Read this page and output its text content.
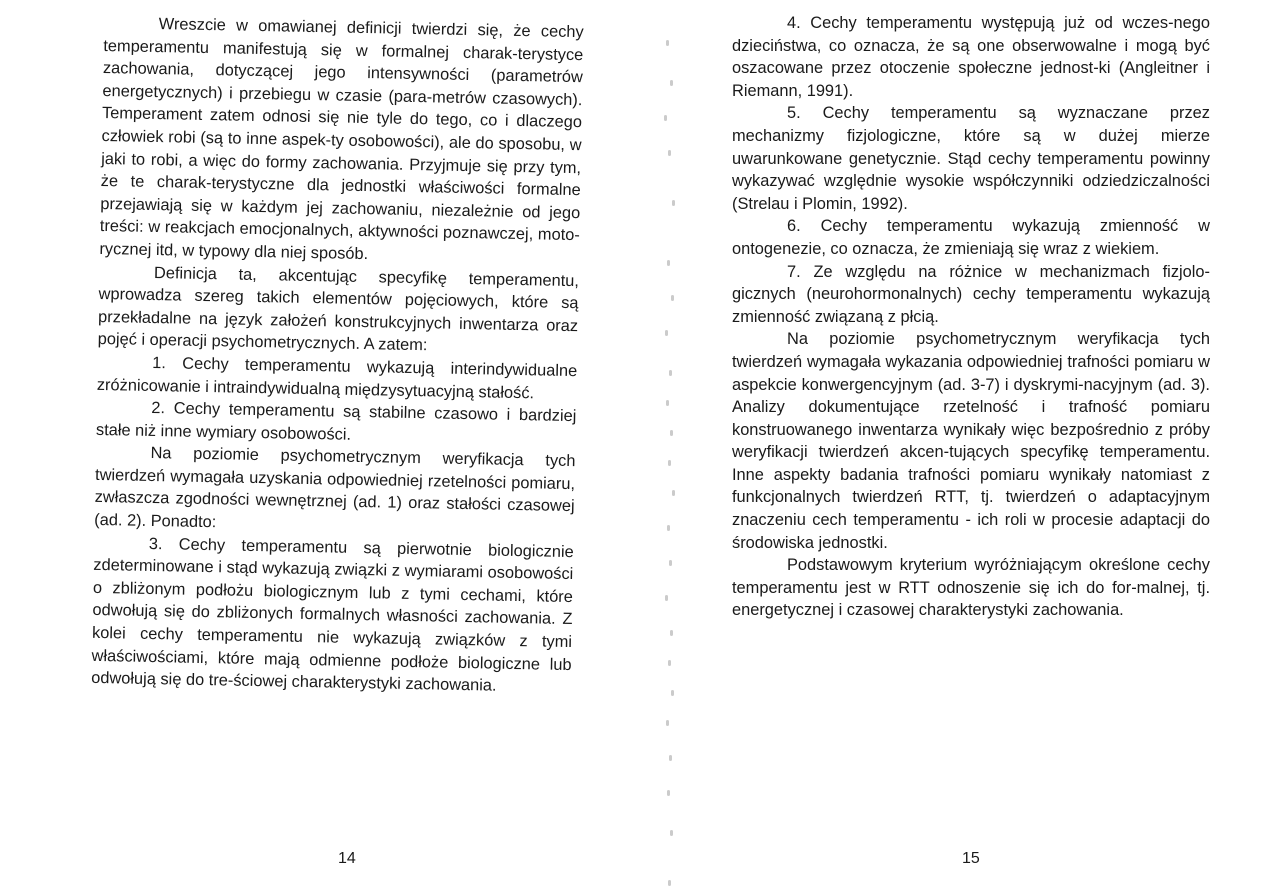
Wreszcie w omawianej definicji twierdzi się, że cechy temperamentu manifestują się w formalnej charak-terystyce zachowania, dotyczącej jego intensywności (parametrów energetycznych) i przebiegu w czasie (para-metrów czasowych). Temperament zatem odnosi się nie tyle do tego, co i dlaczego człowiek robi (są to inne aspek-ty osobowości), ale do sposobu, w jaki to robi, a więc do formy zachowania. Przyjmuje się przy tym, że te charak-terystyczne dla jednostki właściwości formalne przejawiają się w każdym jej zachowaniu, niezależnie od jego treści: w reakcjach emocjonalnych, aktywności poznawczej, moto-rycznej itd, w typowy dla niej sposób.

Definicja ta, akcentując specyfikę temperamentu, wprowadza szereg takich elementów pojęciowych, które są przekładalne na język założeń konstrukcyjnych inwentarza oraz pojęć i operacji psychometrycznych. A zatem:

1. Cechy temperamentu wykazują interindywidualne zróżnicowanie i intraindywidualną międzysytuacyjną stałość.

2. Cechy temperamentu są stabilne czasowo i bardziej stałe niż inne wymiary osobowości.

Na poziomie psychometrycznym weryfikacja tych twierdzeń wymagała uzyskania odpowiedniej rzetelności pomiaru, zwłaszcza zgodności wewnętrznej (ad. 1) oraz stałości czasowej (ad. 2). Ponadto:

3. Cechy temperamentu są pierwotnie biologicznie zdeterminowane i stąd wykazują związki z wymiarami osobowości o zbliżonym podłożu biologicznym lub z tymi cechami, które odwołują się do zbliżonych formalnych własności zachowania. Z kolei cechy temperamentu nie wykazują związków z tymi właściwościami, które mają odmienne podłoże biologiczne lub odwołują się do tre-ściowej charakterystyki zachowania.

14

4. Cechy temperamentu występują już od wczes-nego dzieciństwa, co oznacza, że są one obserwowalne i mogą być oszacowane przez otoczenie społeczne jednost-ki (Angleitner i Riemann, 1991).

5. Cechy temperamentu są wyznaczane przez mechanizmy fizjologiczne, które są w dużej mierze uwarunkowane genetycznie. Stąd cechy temperamentu powinny wykazywać względnie wysokie współczynniki odziedziczalności (Strelau i Plomin, 1992).

6. Cechy temperamentu wykazują zmienność w ontogenezie, co oznacza, że zmieniają się wraz z wiekiem.

7. Ze względu na różnice w mechanizmach fizjolo-gicznych (neurohormonalnych) cechy temperamentu wykazują zmienność związaną z płcią.

Na poziomie psychometrycznym weryfikacja tych twierdzeń wymagała wykazania odpowiedniej trafności pomiaru w aspekcie konwergencyjnym (ad. 3-7) i dyskrymi-nacyjnym (ad. 3). Analizy dokumentujące rzetelność i trafność pomiaru konstruowanego inwentarza wynikały więc bezpośrednio z próby weryfikacji twierdzeń akcen-tujących specyfikę temperamentu. Inne aspekty badania trafności pomiaru wynikały natomiast z funkcjonalnych twierdzeń RTT, tj. twierdzeń o adaptacyjnym znaczeniu cech temperamentu - ich roli w procesie adaptacji do środowiska jednostki.

Podstawowym kryterium wyróżniającym określone cechy temperamentu jest w RTT odnoszenie się ich do for-malnej, tj. energetycznej i czasowej charakterystyki zachowania.

15
